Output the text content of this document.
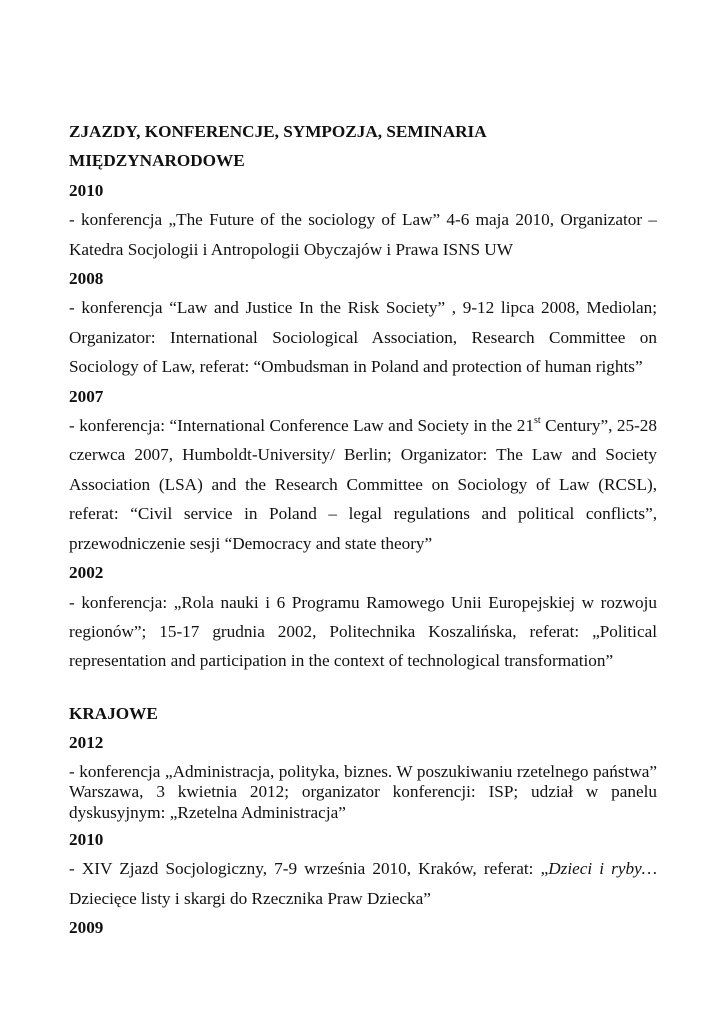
ZJAZDY, KONFERENCJE, SYMPOZJA, SEMINARIA

MIĘDZYNARODOWE

2010

- konferencja „The Future of the sociology of Law” 4-6 maja 2010, Organizator – Katedra Socjologii i Antropologii Obyczajów i Prawa ISNS UW

2008

- konferencja “Law and Justice In the Risk Society” , 9-12 lipca 2008, Mediolan; Organizator: International Sociological Association, Research Committee on Sociology of Law, referat: “Ombudsman in Poland and protection of human rights”

2007

- konferencja: “International Conference Law and Society in the 21st Century”, 25-28 czerwca 2007, Humboldt-University/ Berlin; Organizator: The Law and Society Association (LSA) and the Research Committee on Sociology of Law (RCSL), referat: “Civil service in Poland – legal regulations and political conflicts”, przewodniczenie sesji “Democracy and state theory”

2002

- konferencja: „Rola nauki i 6 Programu Ramowego Unii Europejskiej w rozwoju regionów”; 15-17 grudnia 2002, Politechnika Koszalińska, referat: „Political representation and participation in the context of technological transformation”

KRAJOWE

2012

- konferencja „Administracja, polityka, biznes. W poszukiwaniu rzetelnego państwa” Warszawa, 3 kwietnia 2012; organizator konferencji: ISP; udział w panelu dyskusyjnym: „Rzetelna Administracja”

2010

- XIV Zjazd Socjologiczny, 7-9 września 2010, Kraków, referat: „Dzieci i ryby… Dziecięce listy i skargi do Rzecznika Praw Dziecka”

2009
